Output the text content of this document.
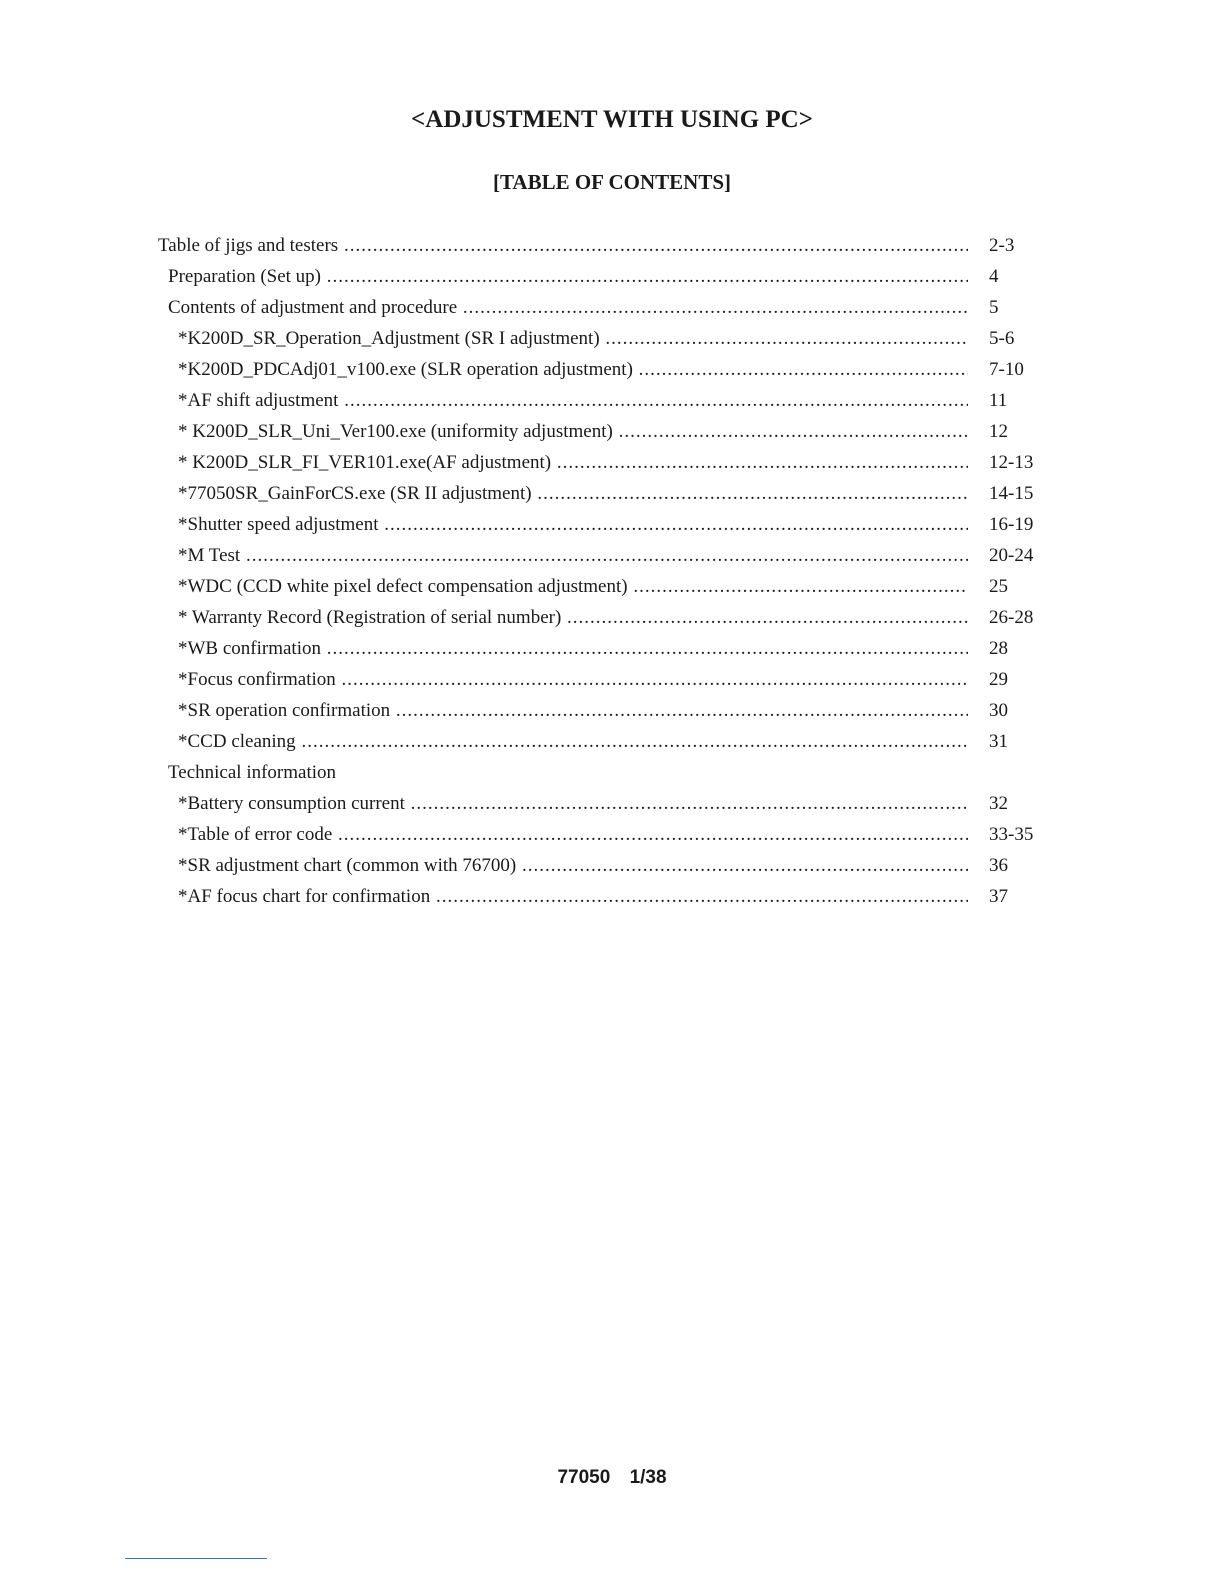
<ADJUSTMENT WITH USING PC>
[TABLE OF CONTENTS]
Table of jigs and testers .....	2-3
Preparation (Set up) .....	4
Contents of adjustment and procedure .....	5
*K200D_SR_Operation_Adjustment (SR I adjustment) .....	5-6
*K200D_PDCAdj01_v100.exe (SLR operation adjustment) .....	7-10
*AF shift adjustment .....	11
* K200D_SLR_Uni_Ver100.exe (uniformity adjustment) .....	12
* K200D_SLR_FI_VER101.exe(AF adjustment) .....	12-13
*77050SR_GainForCS.exe (SR II adjustment) .....	14-15
*Shutter speed adjustment .....	16-19
*M Test .....	20-24
*WDC (CCD white pixel defect compensation adjustment) .....	25
* Warranty Record (Registration of serial number) .....	26-28
*WB confirmation .....	28
*Focus confirmation .....	29
*SR operation confirmation .....	30
*CCD cleaning .....	31
Technical information
*Battery consumption current .....	32
*Table of error code .....	33-35
*SR adjustment chart (common with 76700) .....	36
*AF focus chart for confirmation .....	37
77050 1/38
